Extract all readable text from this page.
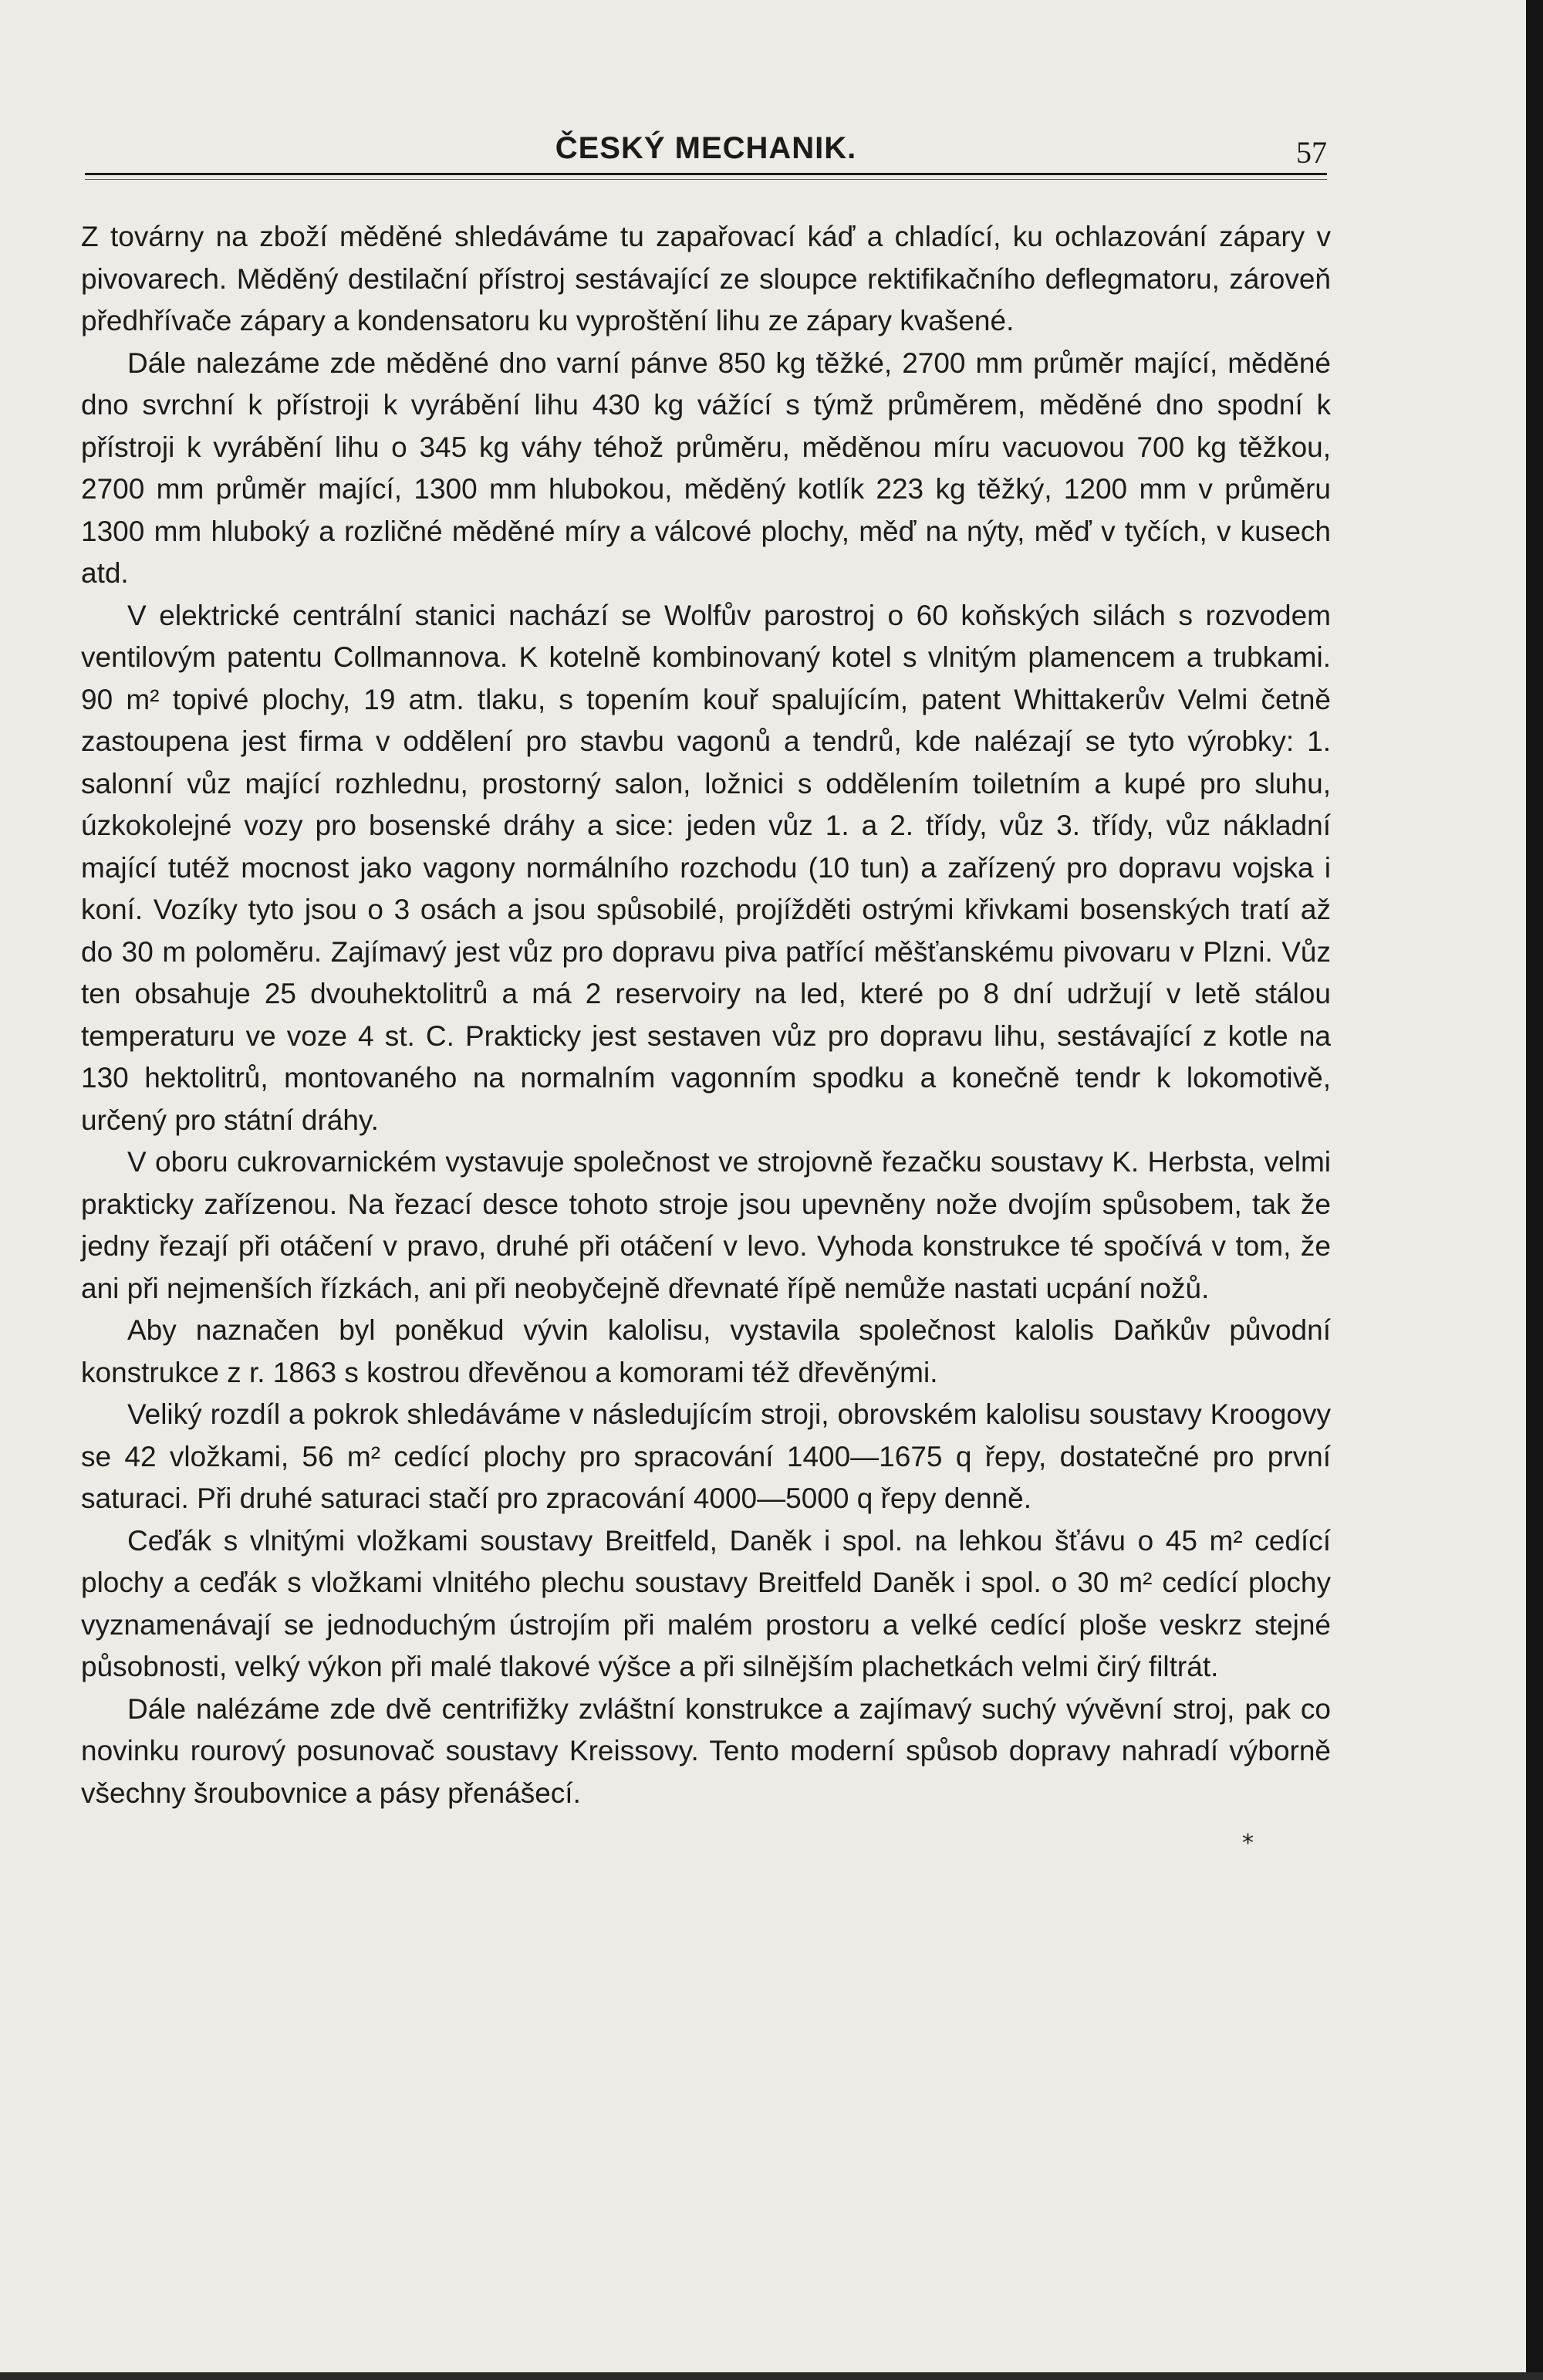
ČESKÝ MECHANIK.	57

Z továrny na zboží měděné shledáváme tu zapařovací káď a chladící, ku ochlazování zápary v pivovarech. Měděný destilační přístroj sestávající ze sloupce rektifikačního deflegmatoru, zároveň předhřívače zápary a kondensatoru ku vyproštění lihu ze zápary kvašené.

Dále nalezáme zde měděné dno varní pánve 850 kg těžké, 2700 mm průměr mající, měděné dno svrchní k přístroji k vyrábění lihu 430 kg vážící s týmž průměrem, měděné dno spodní k přístroji k vyrábění lihu o 345 kg váhy téhož průměru, měděnou míru vacuovou 700 kg těžkou, 2700 mm průměr mající, 1300 mm hlubokou, měděný kotlík 223 kg těžký, 1200 mm v průměru 1300 mm hluboký a rozličné měděné míry a válcové plochy, měď na nýty, měď v tyčích, v kusech atd.

V elektrické centrální stanici nachází se Wolfův parostroj o 60 koňských silách s rozvodem ventilovým patentu Collmannova. K kotelně kombinovaný kotel s vlnitým plamencem a trubkami. 90 m² topivé plochy, 19 atm. tlaku, s topením kouř spalujícím, patent Whittakerův Velmi četně zastoupena jest firma v oddělení pro stavbu vagonů a tendrů, kde nalézají se tyto výrobky: 1. salonní vůz mající rozhlednu, prostorný salon, ložnici s oddělením toiletním a kupé pro sluhu, úzkokolejné vozy pro bosenské dráhy a sice: jeden vůz 1. a 2. třídy, vůz 3. třídy, vůz nákladní mající tutéž mocnost jako vagony normálního rozchodu (10 tun) a zařízený pro dopravu vojska i koní. Vozíky tyto jsou o 3 osách a jsou spůsobilé, projížděti ostrými křivkami bosenských tratí až do 30 m poloměru. Zajímavý jest vůz pro dopravu piva patřící měšťanskému pivovaru v Plzni. Vůz ten obsahuje 25 dvouhektolitrů a má 2 reservoiry na led, které po 8 dní udržují v letě stálou temperaturu ve voze 4 st. C. Prakticky jest sestaven vůz pro dopravu lihu, sestávající z kotle na 130 hektolitrů, montovaného na normalním vagonním spodku a konečně tendr k lokomotivě, určený pro státní dráhy.

V oboru cukrovarnickém vystavuje společnost ve strojovně řezačku soustavy K. Herbsta, velmi prakticky zařízenou. Na řezací desce tohoto stroje jsou upevněny nože dvojím spůsobem, tak že jedny řezají při otáčení v pravo, druhé při otáčení v levo. Vyhoda konstrukce té spočívá v tom, že ani při nejmenších řízkách, ani při neobyčejně dřevnaté řípě nemůže nastati ucpání nožů.

Aby naznačen byl poněkud vývin kalolisu, vystavila společnost kalolis Daňkův původní konstrukce z r. 1863 s kostrou dřevěnou a komorami též dřevěnými.

Veliký rozdíl a pokrok shledáváme v následujícím stroji, obrovském kalolisu soustavy Kroogovy se 42 vložkami, 56 m² cedící plochy pro spracování 1400—1675 q řepy, dostatečné pro první saturaci. Při druhé saturaci stačí pro zpracování 4000—5000 q řepy denně.

Ceďák s vlnitými vložkami soustavy Breitfeld, Daněk i spol. na lehkou šťávu o 45 m² cedící plochy a ceďák s vložkami vlnitého plechu soustavy Breitfeld Daněk i spol. o 30 m² cedící plochy vyznamenávají se jednoduchým ústrojím při malém prostoru a velké cedící ploše veskrz stejné působnosti, velký výkon při malé tlakové výšce a při silnějším plachetkách velmi čirý filtrát.

Dále nalézáme zde dvě centrifižky zvláštní konstrukce a zajímavý suchý vývěvní stroj, pak co novinku rourový posunovač soustavy Kreissovy. Tento moderní spůsob dopravy nahradí výborně všechny šroubovnice a pásy přenášecí.

*
